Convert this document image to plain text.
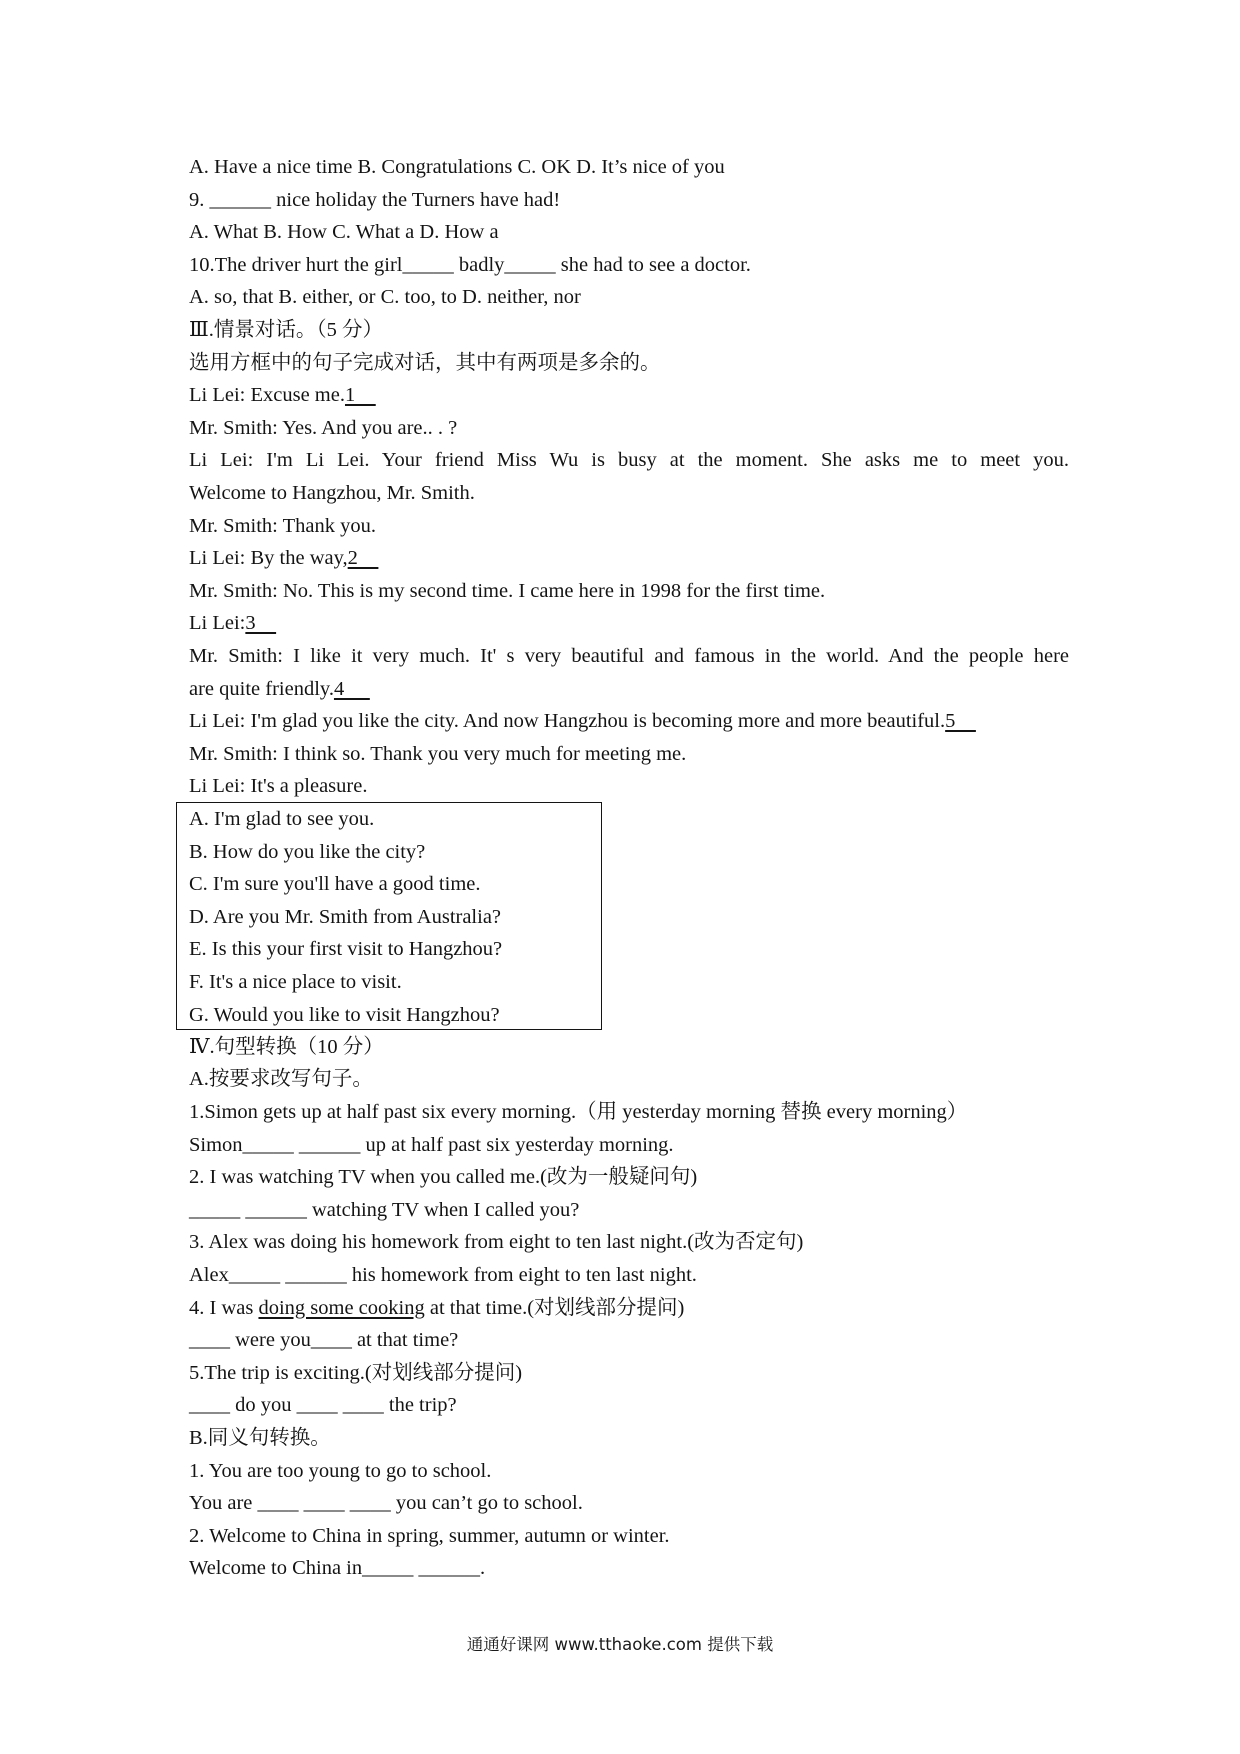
A. Have a nice time B. Congratulations C. OK D. It’s nice of you
9. ______ nice holiday the Turners have had!
A. What B. How C. What a D. How a
10.The driver hurt the girl_____ badly_____ she had to see a doctor.
A. so, that B. either, or C. too, to D. neither, nor
Ⅲ.情景对话。（5 分）
选用方框中的句子完成对话，其中有两项是多余的。
Li Lei: Excuse me.1
Mr. Smith: Yes. And you are.. . ?
Li Lei: I'm Li Lei. Your friend Miss Wu is busy at the moment. She asks me to meet you.
Welcome to Hangzhou, Mr. Smith.
Mr. Smith: Thank you.
Li Lei: By the way,2
Mr. Smith: No. This is my second time. I came here in 1998 for the first time.
Li Lei:3
Mr. Smith: I like it very much. It' s very beautiful and famous in the world. And the people here
are quite friendly.4
Li Lei: I'm glad you like the city. And now Hangzhou is becoming more and more beautiful.5
Mr. Smith: I think so. Thank you very much for meeting me.
Li Lei: It's a pleasure.
Ⅳ.句型转换（10 分）
A.按要求改写句子。
1.Simon gets up at half past six every morning.（用 yesterday morning 替换 every morning）
Simon_____ ______ up at half past six yesterday morning.
2. I was watching TV when you called me.(改为一般疑问句)
_____ ______ watching TV when I called you?
3. Alex was doing his homework from eight to ten last night.(改为否定句)
Alex_____ ______ his homework from eight to ten last night.
4. I was doing some cooking at that time.(对划线部分提问)
____ were you____ at that time?
5.The trip is exciting.(对划线部分提问)
____ do you ____ ____ the trip?
B.同义句转换。
1. You are too young to go to school.
You are ____ ____ ____ you can’t go to school.
2. Welcome to China in spring, summer, autumn or winter.
Welcome to China in_____ ______.
A. I'm glad to see you.
B. How do you like the city?
C. I'm sure you'll have a good time.
D. Are you Mr. Smith from Australia?
E. Is this your first visit to Hangzhou?
F. It's a nice place to visit.
G. Would you like to visit Hangzhou?
通通好课网 www.tthaoke.com 提供下载
